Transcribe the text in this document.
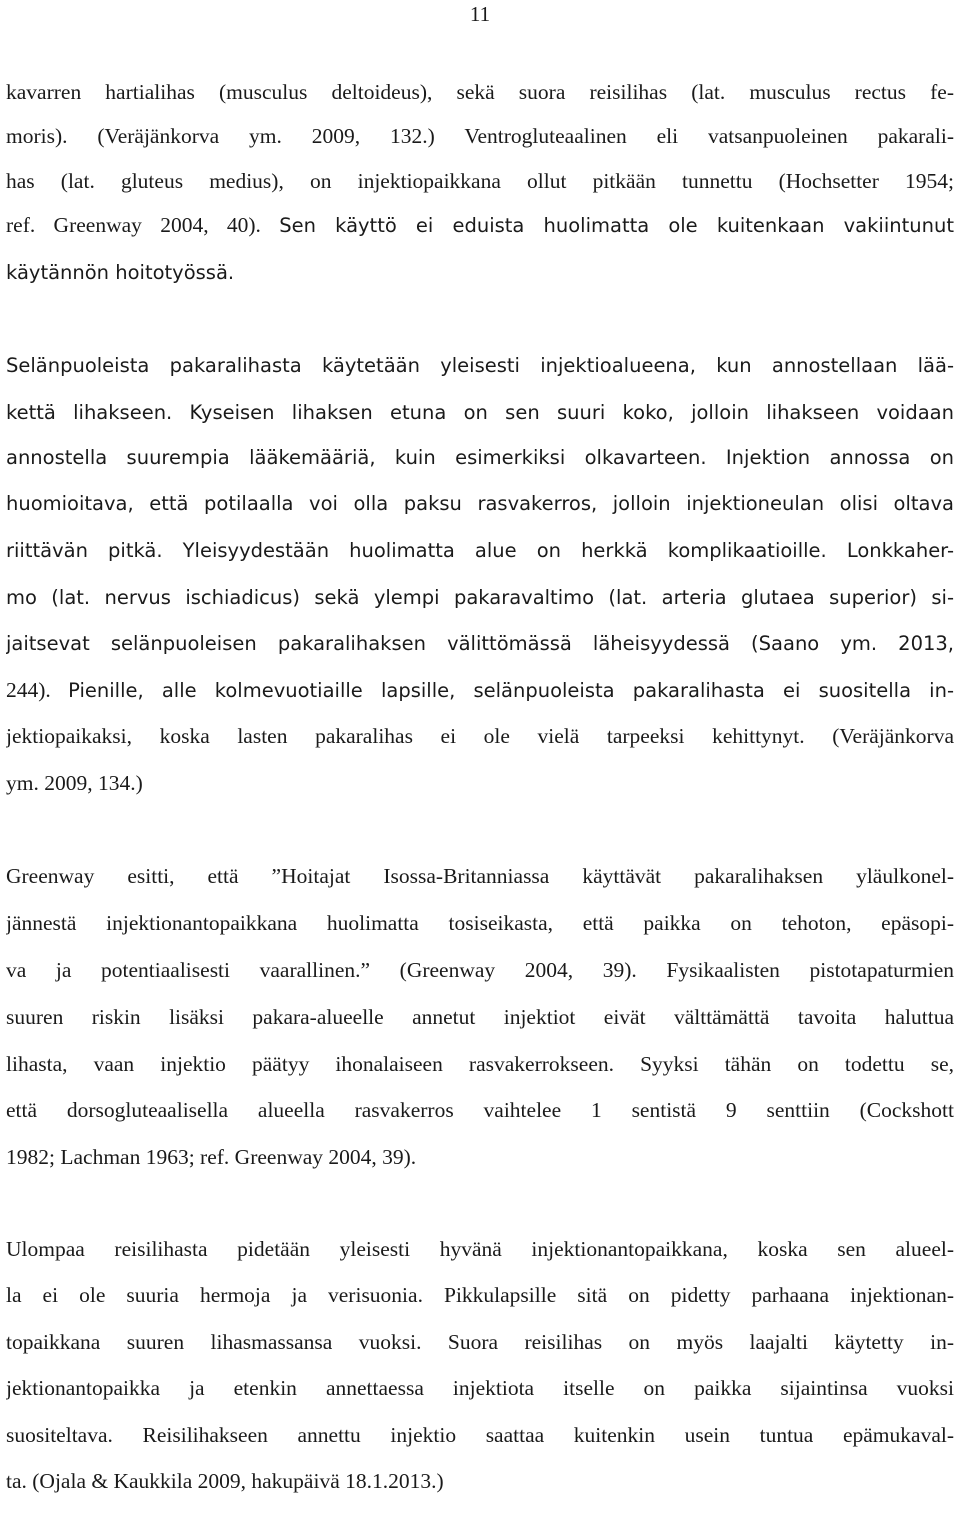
11
kavarren hartialihas (musculus deltoideus), sekä suora reisilihas (lat. musculus rectus fe-
moris). (Veräjänkorva ym. 2009, 132.) Ventrogluteaalinen eli vatsanpuoleinen pakarali-
has (lat. gluteus medius), on injektiopaikkana ollut pitkään tunnettu (Hochsetter 1954;
ref. Greenway 2004, 40). Sen käyttö ei eduista huolimatta ole kuitenkaan vakiintunut
käytännön hoitotyössä.
Selänpuoleista pakaralihasta käytetään yleisesti injektioalueena, kun annostellaan lää-
kettä lihakseen. Kyseisen lihaksen etuna on sen suuri koko, jolloin lihakseen voidaan
annostella suurempia lääkemääriä, kuin esimerkiksi olkavarteen. Injektion annossa on
huomioitava, että potilaalla voi olla paksu rasvakerros, jolloin injektioneulan olisi oltava
riittävän pitkä. Yleisyydestään huolimatta alue on herkkä komplikaatioille. Lonkkaher-
mo (lat. nervus ischiadicus) sekä ylempi pakaravaltimo (lat. arteria glutaea superior) si-
jaitsevat selänpuoleisen pakaralihaksen välittömässä läheisyydessä (Saano ym. 2013,
244). Pienille, alle kolmevuotiaille lapsille, selänpuoleista pakaralihasta ei suositella in-
jektiopaikaksi, koska lasten pakaralihas ei ole vielä tarpeeksi kehittynyt. (Veräjänkorva
ym. 2009, 134.)
Greenway esitti, että ”Hoitajat Isossa-Britanniassa käyttävät pakaralihaksen yläulkonel-
jännestä injektionantopaikkana huolimatta tosiseikasta, että paikka on tehoton, epäsopi-
va ja potentiaalisesti vaarallinen.” (Greenway 2004, 39). Fysikaalisten pistotapaturmien
suuren riskin lisäksi pakara-alueelle annetut injektiot eivät välttämättä tavoita haluttua
lihasta, vaan injektio päätyy ihonalaiseen rasvakerrokseen. Syyksi tähän on todettu se,
että dorsogluteaalisella alueella rasvakerros vaihtelee 1 sentistä 9 senttiin (Cockshott
1982; Lachman 1963; ref. Greenway 2004, 39).
Ulompaa reisilihasta pidetään yleisesti hyvänä injektionantopaikkana, koska sen alueel-
la ei ole suuria hermoja ja verisuonia. Pikkulapsille sitä on pidetty parhaana injektionan-
topaikkana suuren lihasmassansa vuoksi. Suora reisilihas on myös laajalti käytetty in-
jektionantopaikka ja etenkin annettaessa injektiota itselle on paikka sijaintinsa vuoksi
suositeltava. Reisilihakseen annettu injektio saattaa kuitenkin usein tuntua epämukaval-
ta. (Ojala & Kaukkila 2009, hakupäivä 18.1.2013.)
